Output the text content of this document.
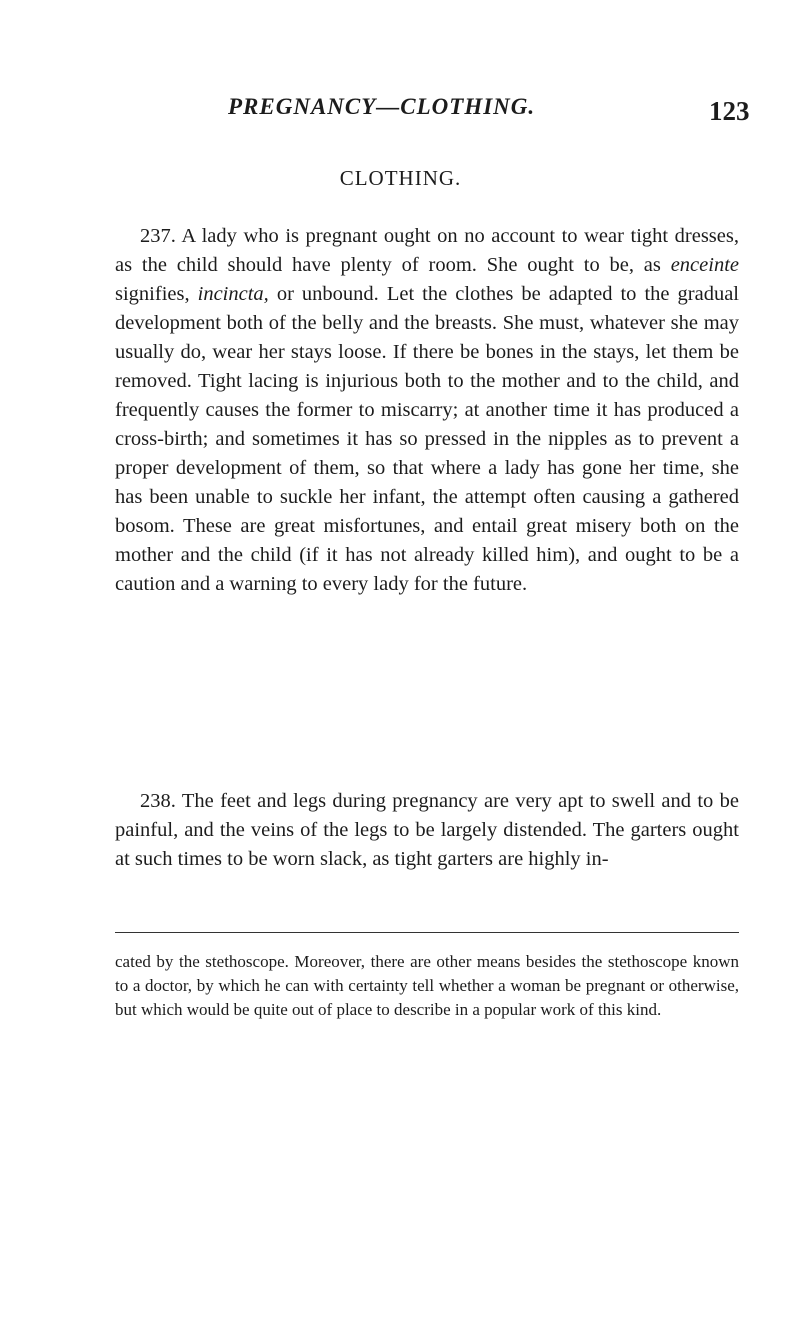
PREGNANCY—CLOTHING.	123
CLOTHING.

237. A lady who is pregnant ought on no account to wear tight dresses, as the child should have plenty of room. She ought to be, as enceinte signifies, incincta, or unbound. Let the clothes be adapted to the gradual development both of the belly and the breasts. She must, whatever she may usually do, wear her stays loose. If there be bones in the stays, let them be removed. Tight lacing is injurious both to the mother and to the child, and frequently causes the former to miscarry; at another time it has produced a cross-birth; and sometimes it has so pressed in the nipples as to prevent a proper development of them, so that where a lady has gone her time, she has been unable to suckle her infant, the attempt often causing a gathered bosom. These are great misfortunes, and entail great misery both on the mother and the child (if it has not already killed him), and ought to be a caution and a warning to every lady for the future.

238. The feet and legs during pregnancy are very apt to swell and to be painful, and the veins of the legs to be largely distended. The garters ought at such times to be worn slack, as tight garters are highly in-

cated by the stethoscope. Moreover, there are other means besides the stethoscope known to a doctor, by which he can with certainty tell whether a woman be pregnant or otherwise, but which would be quite out of place to describe in a popular work of this kind.
